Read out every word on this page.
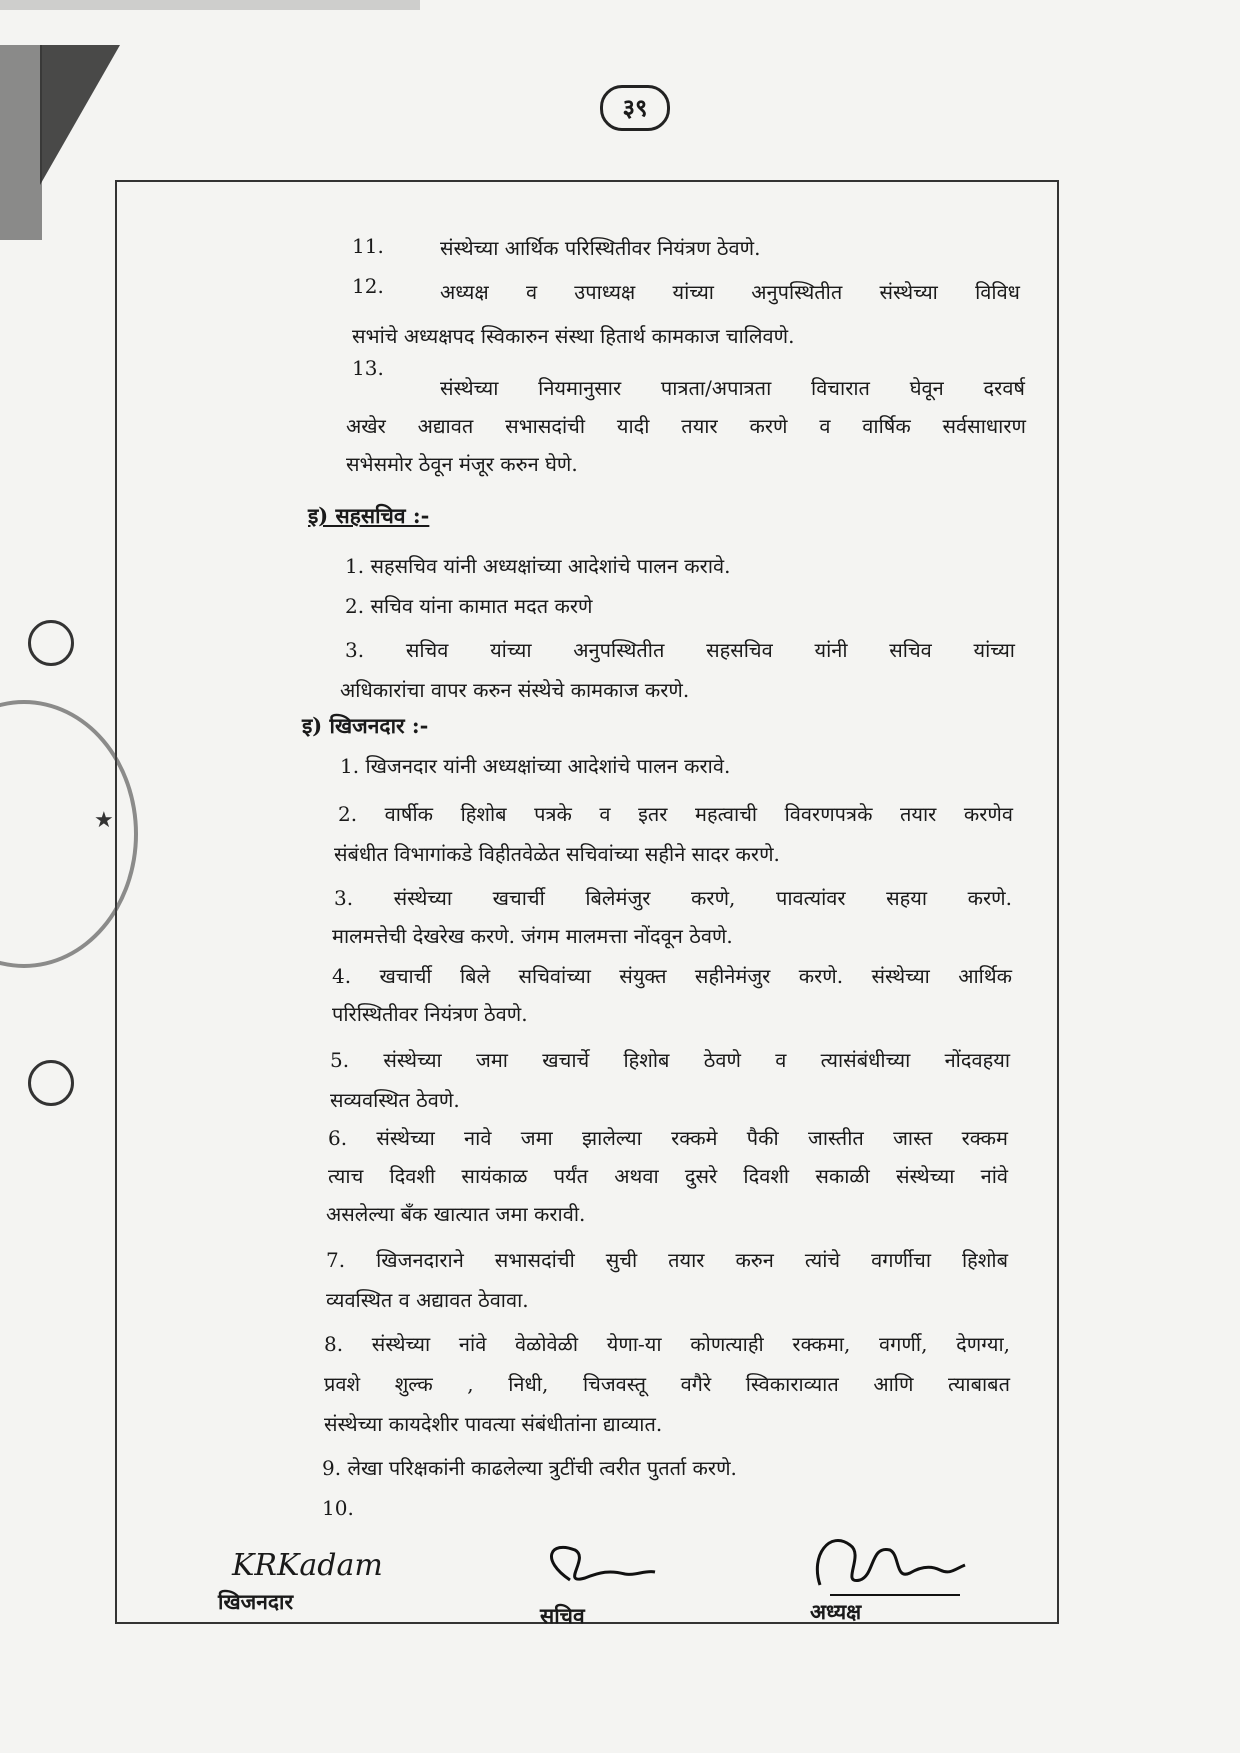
३९
★
11.	संस्थेच्या आर्थिक परिस्थितीवर नियंत्रण ठेवणे.
12.	अध्यक्ष व उपाध्यक्ष यांच्या अनुपस्थितीत संस्थेच्या विविध
सभांचे अध्यक्षपद स्विकारुन संस्था हितार्थ कामकाज चालिवणे.
13.
संस्थेच्या नियमानुसार पात्रता/अपात्रता विचारात घेवून दरवर्ष
अखेर अद्यावत सभासदांची यादी तयार करणे व वार्षिक सर्वसाधारण
सभेसमोर ठेवून मंजूर करुन घेणे.
इ) सहसचिव :-
1. सहसचिव यांनी अध्यक्षांच्या आदेशांचे पालन करावे.
2. सचिव यांना कामात मदत करणे
3. सचिव यांच्या अनुपस्थितीत सहसचिव यांनी सचिव यांच्या
अधिकारांचा वापर करुन संस्थेचे कामकाज करणे.
इ) खिजनदार :-
1. खिजनदार यांनी अध्यक्षांच्या आदेशांचे पालन करावे.
2. वार्षीक हिशोब पत्रके व इतर महत्वाची विवरणपत्रके तयार करणेव
संबंधीत विभागांकडे विहीतवेळेत सचिवांच्या सहीने सादर करणे.
3. संस्थेच्या खचार्ची बिलेमंजुर करणे, पावत्यांवर सहया करणे.
मालमत्तेची देखरेख करणे. जंगम मालमत्ता नोंदवून ठेवणे.
4. खचार्ची बिले सचिवांच्या संयुक्त सहीनेमंजुर करणे. संस्थेच्या आर्थिक
परिस्थितीवर नियंत्रण ठेवणे.
5. संस्थेच्या जमा खचार्चे हिशोब ठेवणे व त्यासंबंधीच्या नोंदवहया
सव्यवस्थित ठेवणे.
6. संस्थेच्या नावे जमा झालेल्या रक्कमे पैकी जास्तीत जास्त रक्कम
त्याच दिवशी सायंकाळ पर्यंत अथवा दुसरे दिवशी सकाळी संस्थेच्या नांवे
असलेल्या बँक खात्यात जमा करावी.
7. खिजनदाराने सभासदांची सुची तयार करुन त्यांचे वगर्णीचा हिशोब
व्यवस्थित व अद्यावत ठेवावा.
8. संस्थेच्या नांवे वेळोवेळी येणा-या कोणत्याही रक्कमा, वगर्णी, देणग्या,
प्रवशे शुल्क , निधी, चिजवस्तू वगैरे स्विकाराव्यात आणि त्याबाबत
संस्थेच्या कायदेशीर पावत्या संबंधीतांना द्याव्यात.
9. लेखा परिक्षकांनी काढलेल्या त्रुटींची त्वरीत पुतर्ता करणे.
10.
KRKadam
खिजनदार
सचिव	अध्यक्ष
